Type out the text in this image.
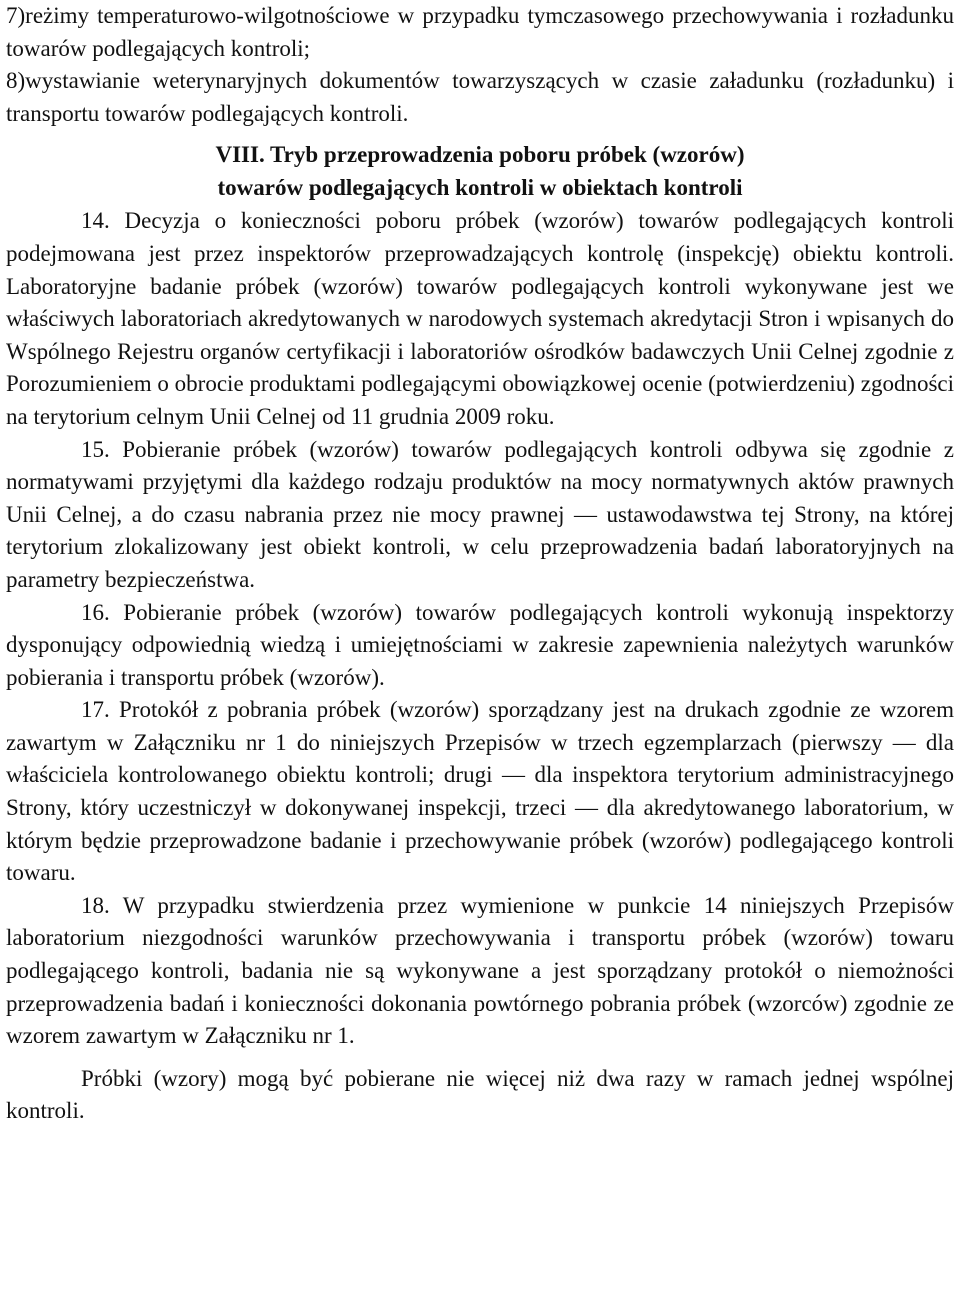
7)reżimy temperaturowo-wilgotnościowe w przypadku tymczasowego przechowywania i rozładunku towarów podlegających kontroli;

8)wystawianie weterynaryjnych dokumentów towarzyszących w czasie załadunku (rozładunku) i transportu towarów podlegających kontroli.

VIII. Tryb przeprowadzenia poboru próbek (wzorów)
towarów podlegających kontroli w obiektach kontroli

14. Decyzja o konieczności poboru próbek (wzorów) towarów podlegających kontroli podejmowana jest przez inspektorów przeprowadzających kontrolę (inspekcję) obiektu kontroli. Laboratoryjne badanie próbek (wzorów) towarów podlegających kontroli wykonywane jest we właściwych laboratoriach akredytowanych w narodowych systemach akredytacji Stron i wpisanych do Wspólnego Rejestru organów certyfikacji i laboratoriów ośrodków badawczych Unii Celnej zgodnie z Porozumieniem o obrocie produktami podlegającymi obowiązkowej ocenie (potwierdzeniu) zgodności na terytorium celnym Unii Celnej od 11 grudnia 2009 roku.

15. Pobieranie próbek (wzorów) towarów podlegających kontroli odbywa się zgodnie z normatywami przyjętymi dla każdego rodzaju produktów na mocy normatywnych aktów prawnych Unii Celnej, a do czasu nabrania przez nie mocy prawnej — ustawodawstwa tej Strony, na której terytorium zlokalizowany jest obiekt kontroli, w celu przeprowadzenia badań laboratoryjnych na parametry bezpieczeństwa.

16. Pobieranie próbek (wzorów) towarów podlegających kontroli wykonują inspektorzy dysponujący odpowiednią wiedzą i umiejętnościami w zakresie zapewnienia należytych warunków pobierania i transportu próbek (wzorów).

17. Protokół z pobrania próbek (wzorów) sporządzany jest na drukach zgodnie ze wzorem zawartym w Załączniku nr 1 do niniejszych Przepisów w trzech egzemplarzach (pierwszy — dla właściciela kontrolowanego obiektu kontroli; drugi — dla inspektora terytorium administracyjnego Strony, który uczestniczył w dokonywanej inspekcji, trzeci — dla akredytowanego laboratorium, w którym będzie przeprowadzone badanie i przechowywanie próbek (wzorów) podlegającego kontroli towaru.

18. W przypadku stwierdzenia przez wymienione w punkcie 14 niniejszych Przepisów laboratorium niezgodności warunków przechowywania i transportu próbek (wzorów) towaru podlegającego kontroli, badania nie są wykonywane a jest sporządzany protokół o niemożności przeprowadzenia badań i konieczności dokonania powtórnego pobrania próbek (wzorców) zgodnie ze wzorem zawartym w Załączniku nr 1.

Próbki (wzory) mogą być pobierane nie więcej niż dwa razy w ramach jednej wspólnej kontroli.
